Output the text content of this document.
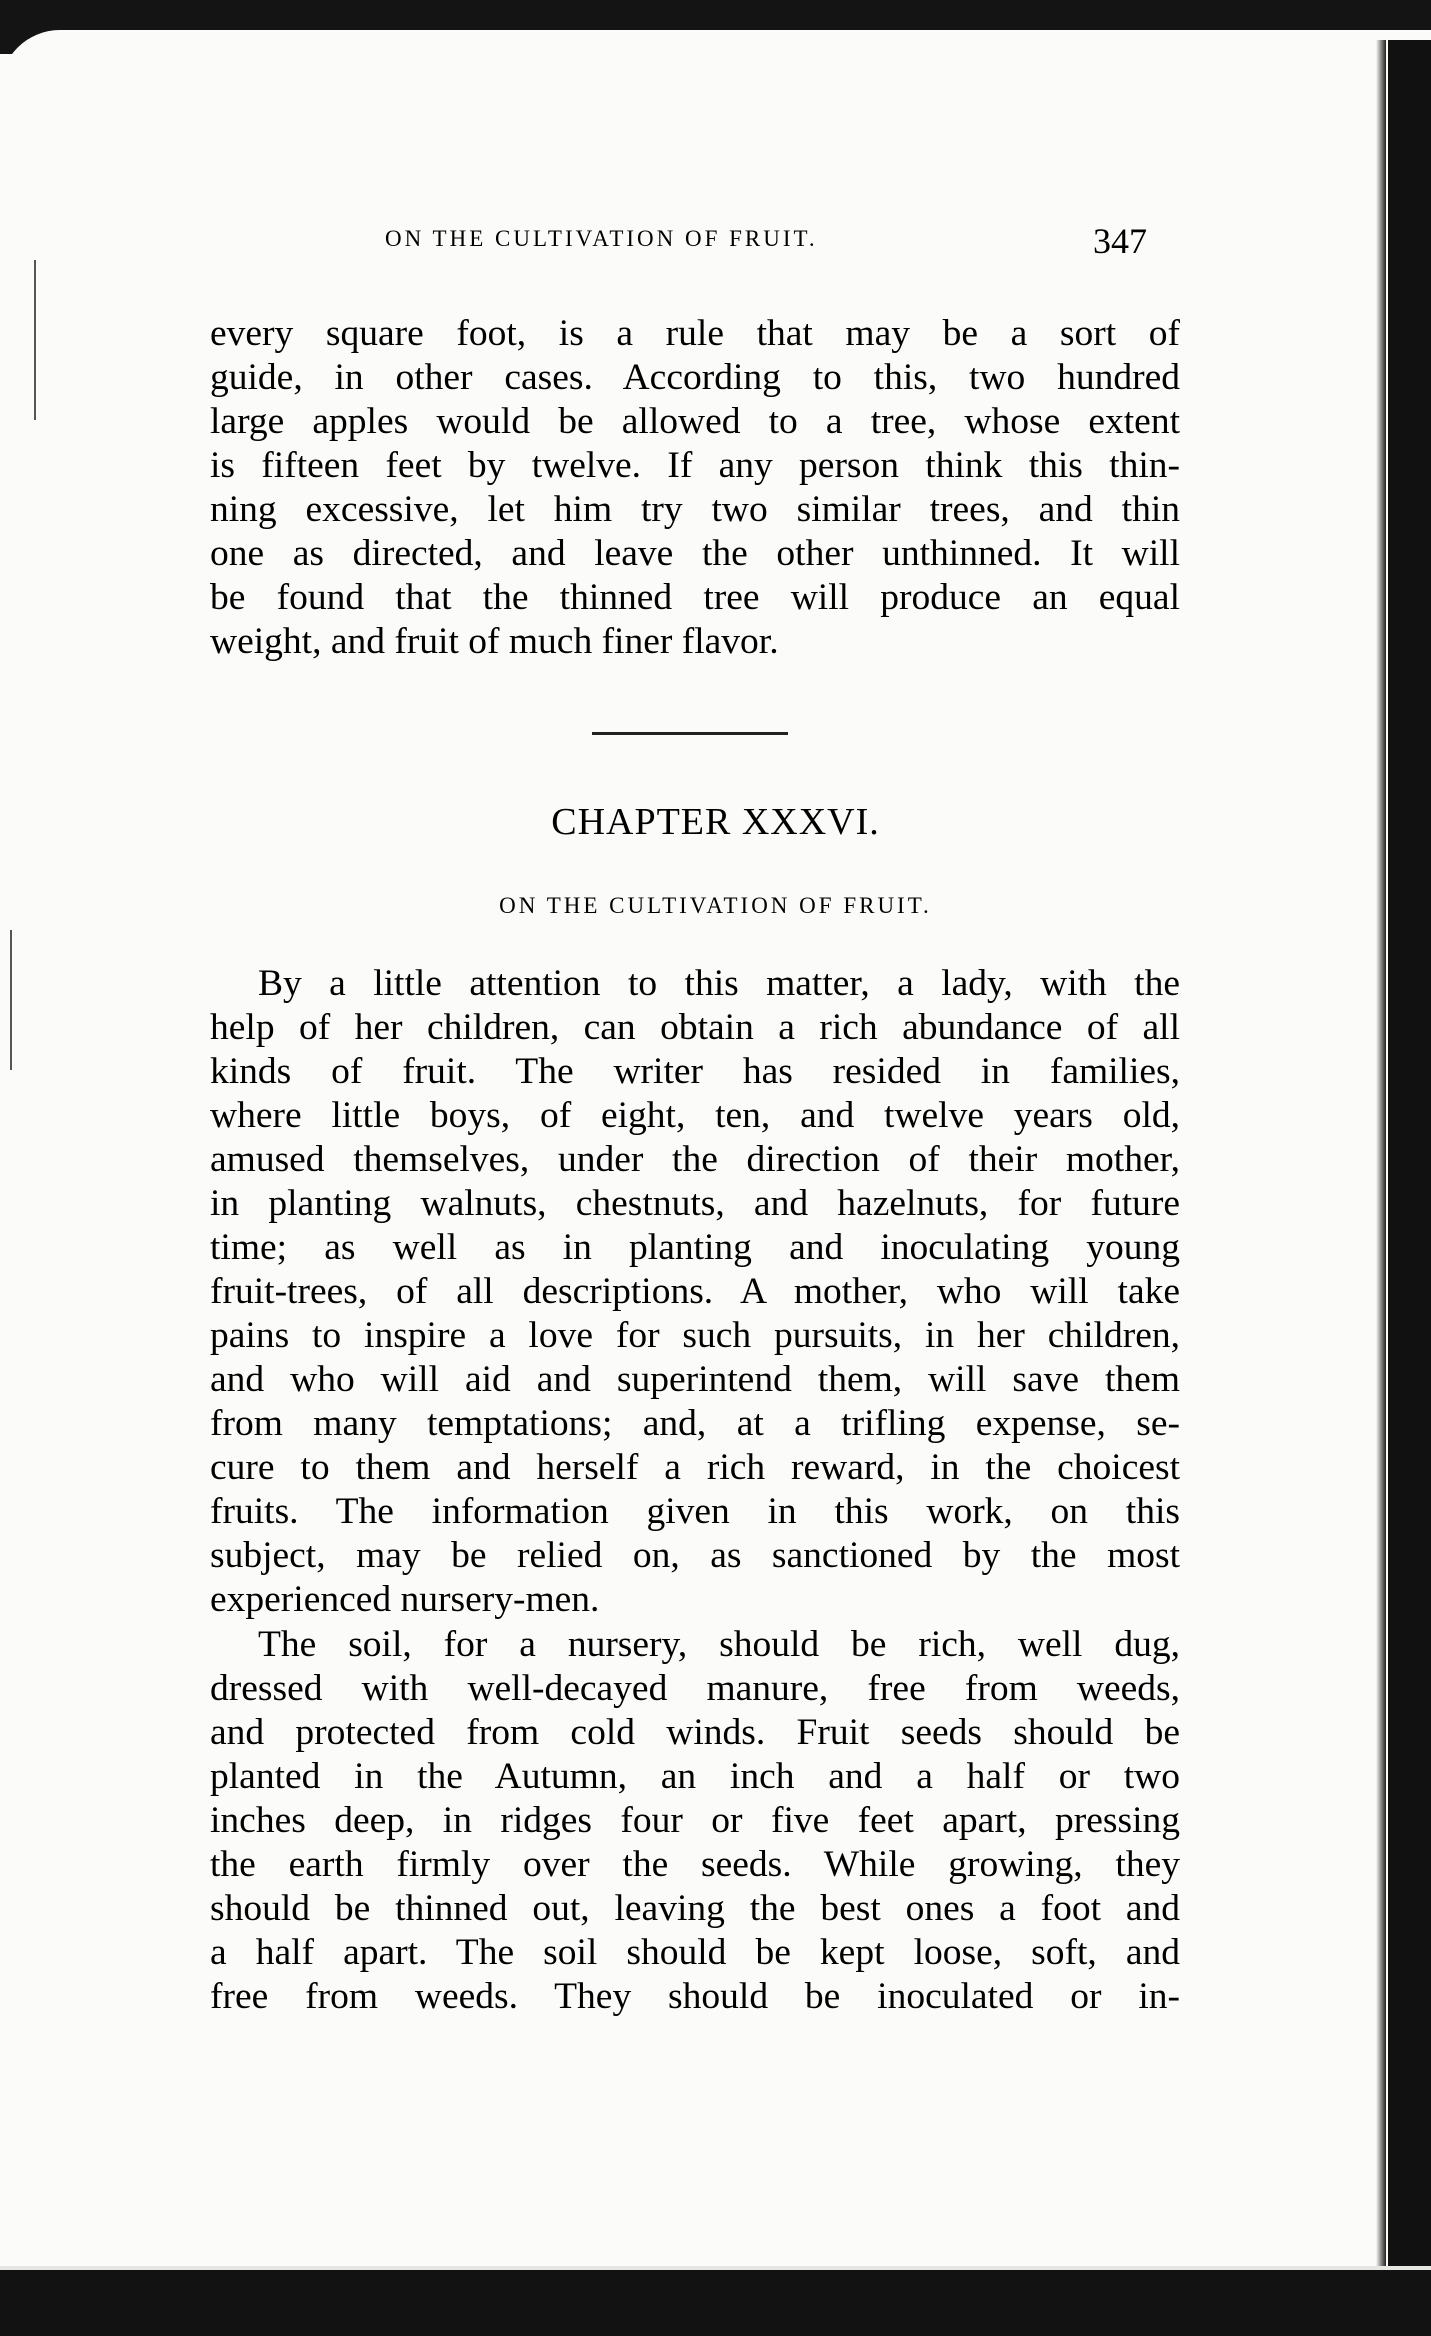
ON THE CULTIVATION OF FRUIT.	347
every square foot, is a rule that may be a sort of
guide, in other cases. According to this, two hundred
large apples would be allowed to a tree, whose extent
is fifteen feet by twelve. If any person think this thin-
ning excessive, let him try two similar trees, and thin
one as directed, and leave the other unthinned. It will
be found that the thinned tree will produce an equal
weight, and fruit of much finer flavor.
CHAPTER XXXVI.
ON THE CULTIVATION OF FRUIT.
By a little attention to this matter, a lady, with the
help of her children, can obtain a rich abundance of all
kinds of fruit. The writer has resided in families,
where little boys, of eight, ten, and twelve years old,
amused themselves, under the direction of their mother,
in planting walnuts, chestnuts, and hazelnuts, for future
time; as well as in planting and inoculating young
fruit-trees, of all descriptions. A mother, who will take
pains to inspire a love for such pursuits, in her children,
and who will aid and superintend them, will save them
from many temptations; and, at a trifling expense, se-
cure to them and herself a rich reward, in the choicest
fruits. The information given in this work, on this
subject, may be relied on, as sanctioned by the most
experienced nursery-men.
The soil, for a nursery, should be rich, well dug,
dressed with well-decayed manure, free from weeds,
and protected from cold winds. Fruit seeds should be
planted in the Autumn, an inch and a half or two
inches deep, in ridges four or five feet apart, pressing
the earth firmly over the seeds. While growing, they
should be thinned out, leaving the best ones a foot and
a half apart. The soil should be kept loose, soft, and
free from weeds. They should be inoculated or in-
